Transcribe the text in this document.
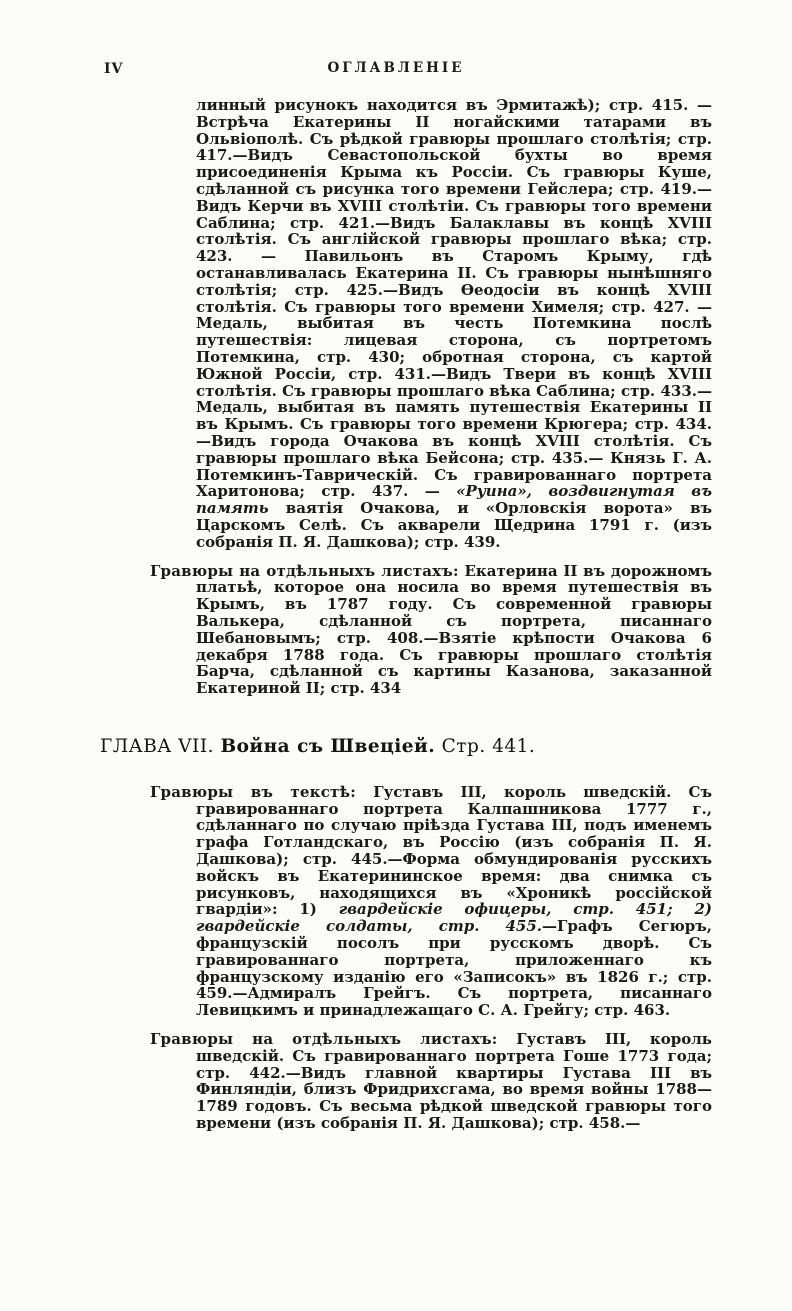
IV	ОГЛАВЛЕНІЕ

линный рисунокъ находится въ Эрмитажѣ); стр. 415. — Встрѣча Екатерины II ногайскими татарами въ Ольвіополѣ. Съ рѣдкой гравюры прошлаго столѣтія; стр. 417.—Видъ Севастопольской бухты во время присоединенія Крыма къ Россіи. Съ гравюры Куше, сдѣланной съ рисунка того времени Гейслера; стр. 419.—Видъ Керчи въ XVIII столѣтіи. Съ гравюры того времени Саблина; стр. 421.—Видъ Балаклавы въ концѣ XVIII столѣтія. Съ англійской гравюры прошлаго вѣка; стр. 423. — Павильонъ въ Старомъ Крыму, гдѣ останавливалась Екатерина II. Съ гравюры нынѣшняго столѣтія; стр. 425.—Видъ Ѳеодосіи въ концѣ XVIII столѣтія. Съ гравюры того времени Химеля; стр. 427. — Медаль, выбитая въ честь Потемкина послѣ путешествія: лицевая сторона, съ портретомъ Потемкина, стр. 430; обротная сторона, съ картой Южной Россіи, стр. 431.—Видъ Твери въ концѣ XVIII столѣтія. Съ гравюры прошлаго вѣка Саблина; стр. 433.—Медаль, выбитая въ память путешествія Екатерины II въ Крымъ. Съ гравюры того времени Крюгера; стр. 434.—Видъ города Очакова въ концѣ XVIII столѣтія. Съ гравюры прошлаго вѣка Бейсона; стр. 435.— Князь Г. А. Потемкинъ-Таврическій. Съ гравированнаго портрета Харитонова; стр. 437. — «Руина», воздвигнутая въ память ваятія Очакова, и «Орловскія ворота» въ Царскомъ Селѣ. Съ акварели Щедрина 1791 г. (изъ собранія П. Я. Дашкова); стр. 439.

Гравюры на отдѣльныхъ листахъ: Екатерина II въ дорожномъ платьѣ, которое она носила во время путешествія въ Крымъ, въ 1787 году. Съ современной гравюры Валькера, сдѣланной съ портрета, писаннаго Шебановымъ; стр. 408.—Взятіе крѣпости Очакова 6 декабря 1788 года. Съ гравюры прошлаго столѣтія Барча, сдѣланной съ картины Казанова, заказанной Екатериной II; стр. 434

ГЛАВА VII. Война съ Швеціей. Стр. 441.

Гравюры въ текстѣ: Густавъ III, король шведскій. Съ гравированнаго портрета Калпашникова 1777 г., сдѣланнаго по случаю пріѣзда Густава III, подъ именемъ графа Готландскаго, въ Россію (изъ собранія П. Я. Дашкова); стр. 445.—Форма обмундированія русскихъ войскъ въ Екатерининское время: два снимка съ рисунковъ, находящихся въ «Хроникѣ россійской гвардіи»: 1) гвардейскіе офицеры, стр. 451; 2) гвардейскіе солдаты, стр. 455.—Графъ Сегюръ, французскій посолъ при русскомъ дворѣ. Съ гравированнаго портрета, приложеннаго къ французскому изданію его «Записокъ» въ 1826 г.; стр. 459.—Адмиралъ Грейгъ. Съ портрета, писаннаго Левицкимъ и принадлежащаго С. А. Грейгу; стр. 463.

Гравюры на отдѣльныхъ листахъ: Густавъ III, король шведскій. Съ гравированнаго портрета Гоше 1773 года; стр. 442.—Видъ главной квартиры Густава III въ Финляндіи, близъ Фридрихсгама, во время войны 1788—1789 годовъ. Съ весьма рѣдкой шведской гравюры того времени (изъ собранія П. Я. Дашкова); стр. 458.—
